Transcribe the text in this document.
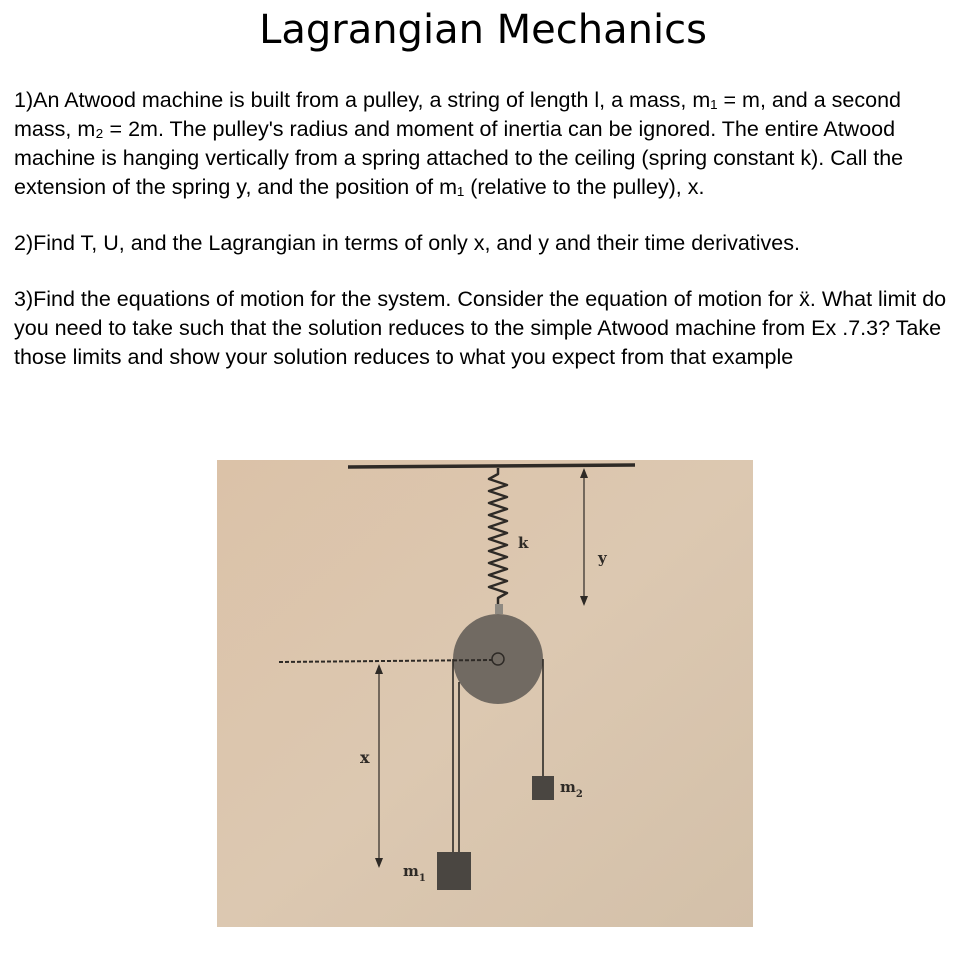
Lagrangian Mechanics

1)An Atwood machine is built from a pulley, a string of length l, a mass, m₁ = m, and a second mass, m₂ = 2m. The pulley's radius and moment of inertia can be ignored. The entire Atwood machine is hanging vertically from a spring attached to the ceiling (spring constant k). Call the extension of the spring y, and the position of m₁ (relative to the pulley), x.

2)Find T, U, and the Lagrangian in terms of only x, and y and their time derivatives.

3)Find the equations of motion for the system. Consider the equation of motion for ẍ. What limit do you need to take such that the solution reduces to the simple Atwood machine from Ex .7.3? Take those limits and show your solution reduces to what you expect from that example

k
y
x
$m_2$
$m_1$
